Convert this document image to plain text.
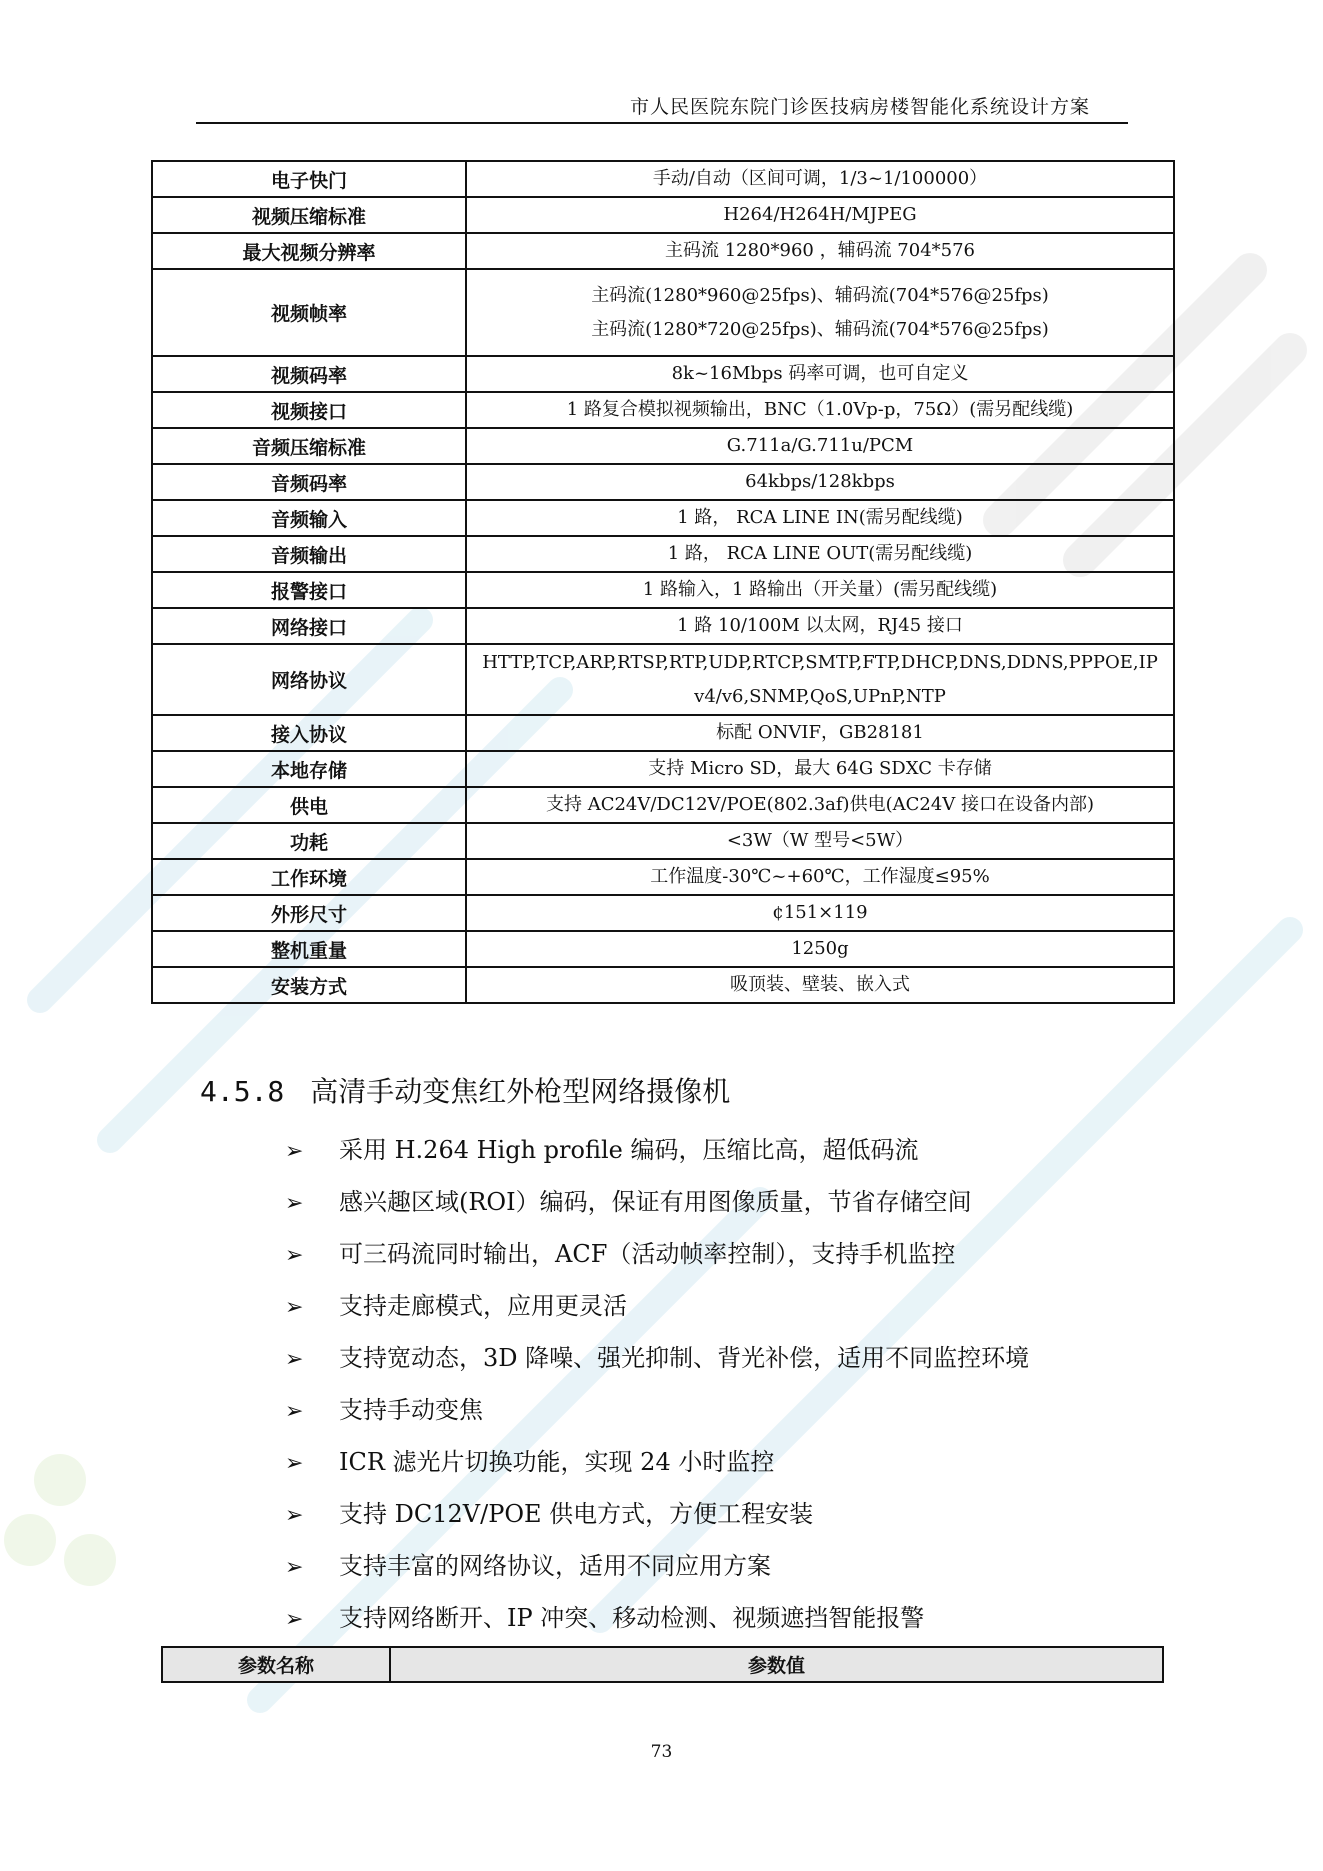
市人民医院东院门诊医技病房楼智能化系统设计方案
电子快门	手动/自动（区间可调，1/3~1/100000）

视频压缩标准	H264/H264H/MJPEG

最大视频分辨率	主码流 1280*960 ，辅码流 704*576

视频帧率	主码流(1280*960@25fps)、辅码流(704*576@25fps)
主码流(1280*720@25fps)、辅码流(704*576@25fps)

视频码率	8k~16Mbps 码率可调，也可自定义

视频接口	1 路复合模拟视频输出，BNC（1.0Vp-p，75Ω）(需另配线缆)

音频压缩标准	G.711a/G.711u/PCM

音频码率	64kbps/128kbps

音频输入	1 路， RCA LINE IN(需另配线缆)

音频输出	1 路， RCA LINE OUT(需另配线缆)

报警接口	1 路输入，1 路输出（开关量）(需另配线缆)

网络接口	1 路 10/100M 以太网，RJ45 接口

网络协议	HTTP,TCP,ARP,RTSP,RTP,UDP,RTCP,SMTP,FTP,DHCP,DNS,DDNS,PPPOE,IP
v4/v6,SNMP,QoS,UPnP,NTP

接入协议	标配 ONVIF，GB28181

本地存储	支持 Micro SD，最大 64G SDXC 卡存储

供电	支持 AC24V/DC12V/POE(802.3af)供电(AC24V 接口在设备内部)

功耗	<3W（W 型号<5W）

工作环境	工作温度-30℃~+60℃，工作湿度≤95%

外形尺寸	¢151×119

整机重量	1250g

安装方式	吸顶装、壁装、嵌入式
4.5.8 高清手动变焦红外枪型网络摄像机
➢ 采用 H.264 High profile 编码，压缩比高，超低码流
➢ 感兴趣区域(ROI）编码，保证有用图像质量，节省存储空间
➢ 可三码流同时输出，ACF（活动帧率控制），支持手机监控
➢ 支持走廊模式，应用更灵活
➢ 支持宽动态，3D 降噪、强光抑制、背光补偿，适用不同监控环境
➢ 支持手动变焦
➢ ICR 滤光片切换功能，实现 24 小时监控
➢ 支持 DC12V/POE 供电方式，方便工程安装
➢ 支持丰富的网络协议，适用不同应用方案
➢ 支持网络断开、IP 冲突、移动检测、视频遮挡智能报警
参数名称	参数值
73
